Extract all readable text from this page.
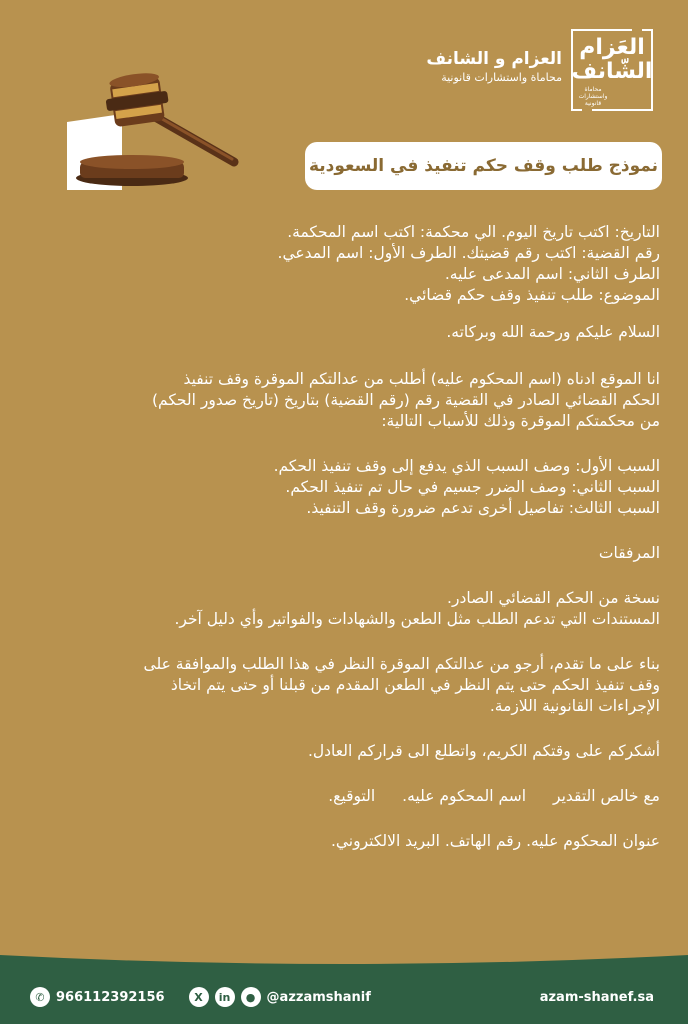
العَزام
الشّانف
محاماة واستشارات قانونية
العزام و الشانف
محاماة واستشارات قانونية
نموذج طلب وقف حكم تنفيذ في السعودية

التاريخ: اكتب تاريخ اليوم. الي محكمة: اكتب اسم المحكمة.

رقم القضية: اكتب رقم قضيتك. الطرف الأول: اسم المدعي.

الطرف الثاني: اسم المدعى عليه.

الموضوع: طلب تنفيذ وقف حكم قضائي.

السلام عليكم ورحمة الله وبركاته.

انا الموقع ادناه (اسم المحكوم عليه) أطلب من عدالتكم الموقرة وقف تنفيذ

الحكم القضائي الصادر في القضية رقم (رقم القضية) بتاريخ (تاريخ صدور الحكم)

من محكمتكم الموقرة وذلك للأسباب التالية:

السبب الأول: وصف السبب الذي يدفع إلى وقف تنفيذ الحكم.

السبب الثاني: وصف الضرر جسيم في حال تم تنفيذ الحكم.

السبب الثالث: تفاصيل أخرى تدعم ضرورة وقف التنفيذ.

المرفقات

نسخة من الحكم القضائي الصادر.

المستندات التي تدعم الطلب مثل الطعن والشهادات والفواتير وأي دليل آخر.

بناء على ما تقدم، أرجو من عدالتكم الموقرة النظر في هذا الطلب والموافقة على

وقف تنفيذ الحكم حتى يتم النظر في الطعن المقدم من قبلنا أو حتى يتم اتخاذ

الإجراءات القانونية اللازمة.

أشكركم على وقتكم الكريم، واتطلع الى قراركم العادل.

مع خالص التقدير اسم المحكوم عليه. التوقيع.

عنوان المحكوم عليه. رقم الهاتف. البريد الالكتروني.

✆ 966112392156	X	in	● @azzamshanif	azam-shanef.sa
